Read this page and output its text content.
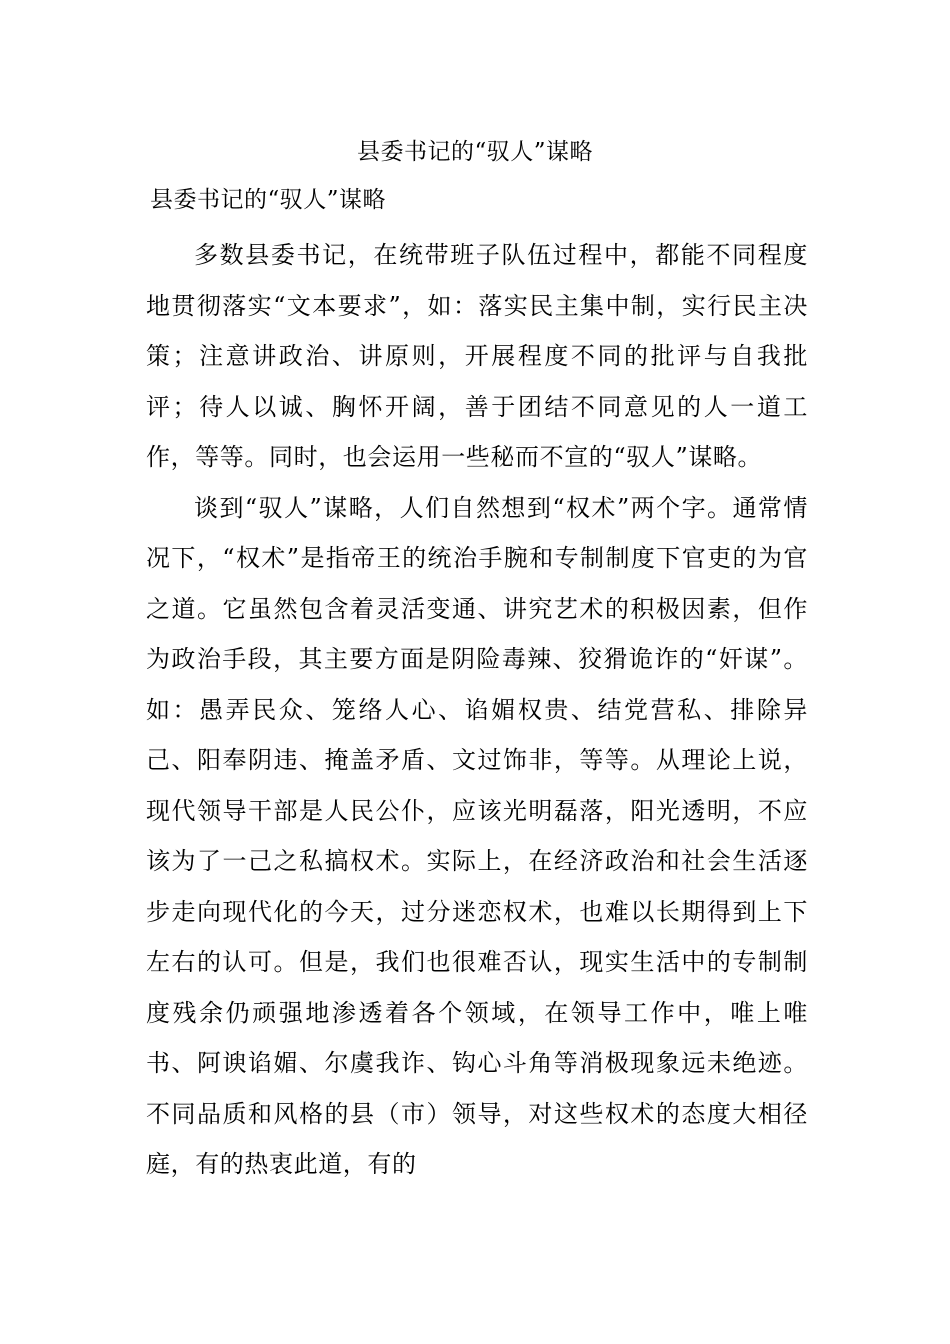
县委书记的“驭人”谋略
县委书记的“驭人”谋略

多数县委书记，在统带班子队伍过程中，都能不同程度地贯彻落实“文本要求”，如：落实民主集中制，实行民主决策；注意讲政治、讲原则，开展程度不同的批评与自我批评；待人以诚、胸怀开阔，善于团结不同意见的人一道工作，等等。同时，也会运用一些秘而不宣的“驭人”谋略。

谈到“驭人”谋略，人们自然想到“权术”两个字。通常情况下，“权术”是指帝王的统治手腕和专制制度下官吏的为官之道。它虽然包含着灵活变通、讲究艺术的积极因素，但作为政治手段，其主要方面是阴险毒辣、狡猾诡诈的“奸谋”。如：愚弄民众、笼络人心、谄媚权贵、结党营私、排除异己、阳奉阴违、掩盖矛盾、文过饰非，等等。从理论上说，现代领导干部是人民公仆，应该光明磊落，阳光透明，不应该为了一己之私搞权术。实际上，在经济政治和社会生活逐步走向现代化的今天，过分迷恋权术，也难以长期得到上下左右的认可。但是，我们也很难否认，现实生活中的专制制度残余仍顽强地渗透着各个领域，在领导工作中，唯上唯书、阿谀谄媚、尔虞我诈、钩心斗角等消极现象远未绝迹。不同品质和风格的县（市）领导，对这些权术的态度大相径庭，有的热衷此道，有的
